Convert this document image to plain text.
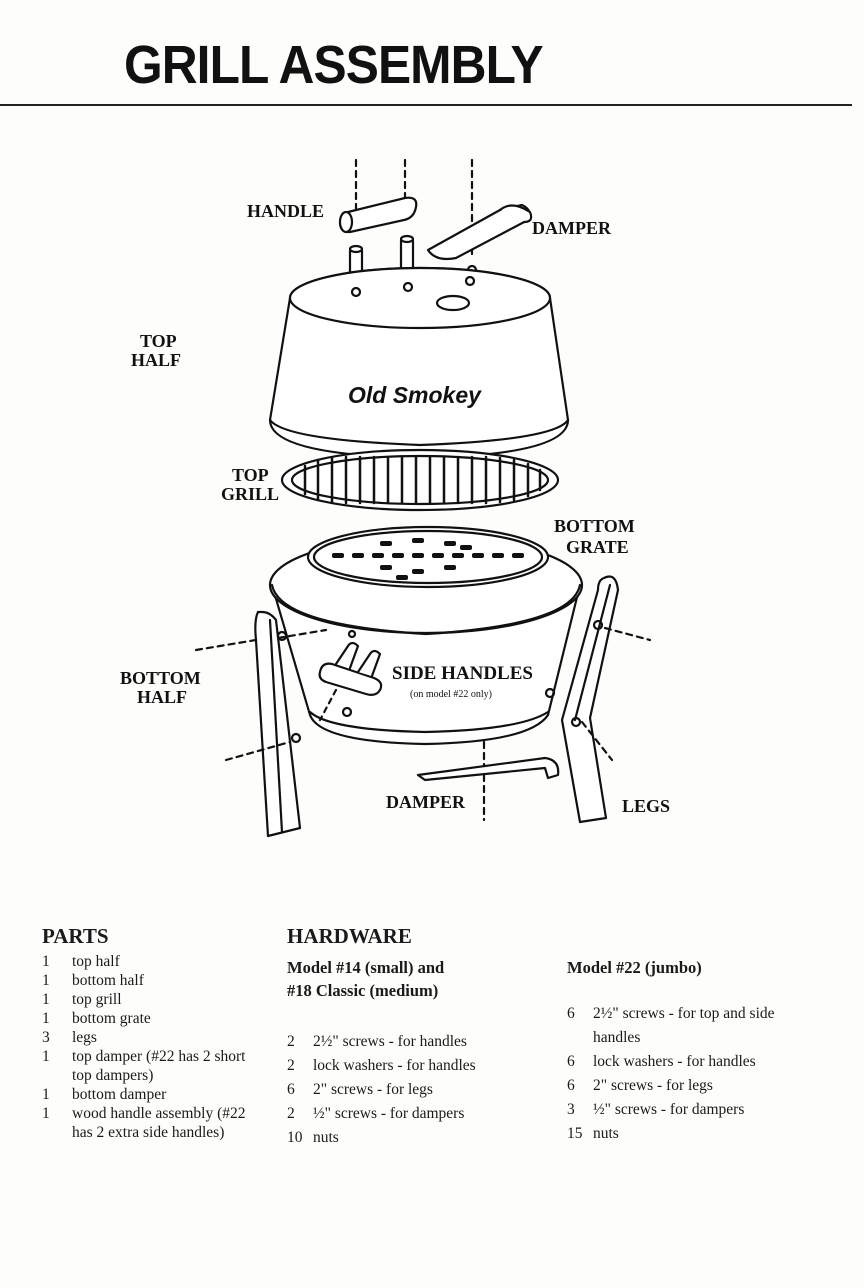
GRILL ASSEMBLY
HANDLE
DAMPER
TOP
HALF
Old Smokey
TOP
GRILL
BOTTOM
GRATE
BOTTOM
HALF
SIDE HANDLES
(on model #22 only)
DAMPER	LEGS
PARTS
1	top half
1	bottom half
1	top grill
1	bottom grate
3	legs
1	top damper (#22 has 2 short top dampers)
1	bottom damper
1	wood handle assembly (#22 has 2 extra side handles)
HARDWARE
Model #14 (small) and
#18 Classic (medium)
2	2½" screws - for handles
2	lock washers - for handles
6	2" screws - for legs
2	½" screws - for dampers
10 nuts
Model #22 (jumbo)
6	2½" screws - for top and side handles
6	lock washers - for handles
6	2" screws - for legs
3	½" screws - for dampers
15 nuts
